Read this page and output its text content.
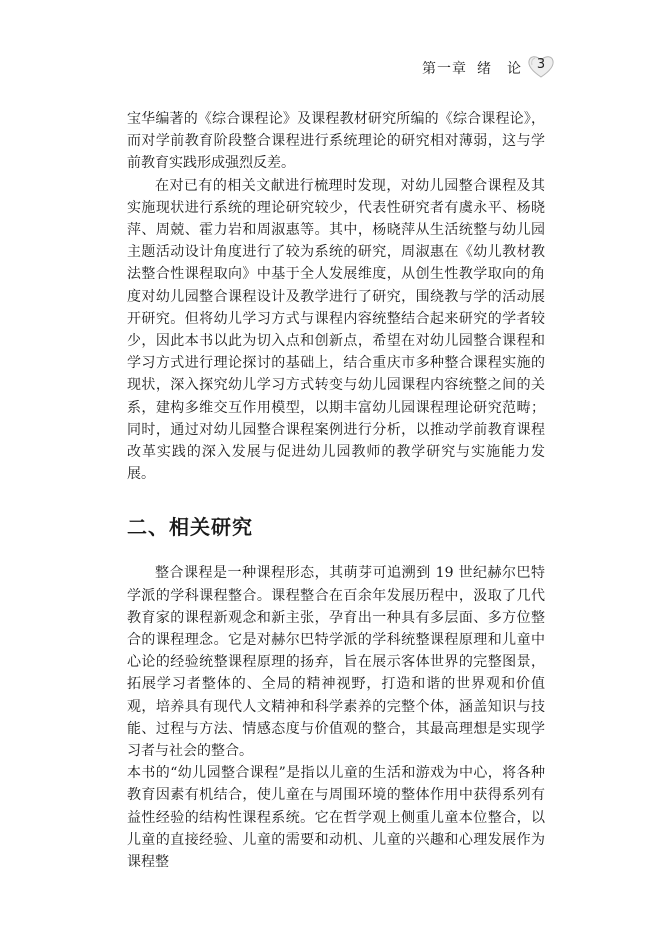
第一章 绪　论	3

宝华编著的《综合课程论》及课程教材研究所编的《综合课程论》，而对学前教育阶段整合课程进行系统理论的研究相对薄弱，这与学前教育实践形成强烈反差。

在对已有的相关文献进行梳理时发现，对幼儿园整合课程及其实施现状进行系统的理论研究较少，代表性研究者有虞永平、杨晓萍、周兢、霍力岩和周淑惠等。其中，杨晓萍从生活统整与幼儿园主题活动设计角度进行了较为系统的研究，周淑惠在《幼儿教材教法整合性课程取向》中基于全人发展维度，从创生性教学取向的角度对幼儿园整合课程设计及教学进行了研究，围绕教与学的活动展开研究。但将幼儿学习方式与课程内容统整结合起来研究的学者较少，因此本书以此为切入点和创新点，希望在对幼儿园整合课程和学习方式进行理论探讨的基础上，结合重庆市多种整合课程实施的现状，深入探究幼儿学习方式转变与幼儿园课程内容统整之间的关系，建构多维交互作用模型，以期丰富幼儿园课程理论研究范畴；同时，通过对幼儿园整合课程案例进行分析，以推动学前教育课程改革实践的深入发展与促进幼儿园教师的教学研究与实施能力发展。

二、相关研究

整合课程是一种课程形态，其萌芽可追溯到 19 世纪赫尔巴特学派的学科课程整合。课程整合在百余年发展历程中，汲取了几代教育家的课程新观念和新主张，孕育出一种具有多层面、多方位整合的课程理念。它是对赫尔巴特学派的学科统整课程原理和儿童中心论的经验统整课程原理的扬弃，旨在展示客体世界的完整图景，拓展学习者整体的、全局的精神视野，打造和谐的世界观和价值观，培养具有现代人文精神和科学素养的完整个体，涵盖知识与技能、过程与方法、情感态度与价值观的整合，其最高理想是实现学习者与社会的整合。

本书的“幼儿园整合课程”是指以儿童的生活和游戏为中心，将各种教育因素有机结合，使儿童在与周围环境的整体作用中获得系列有益性经验的结构性课程系统。它在哲学观上侧重儿童本位整合，以儿童的直接经验、儿童的需要和动机、儿童的兴趣和心理发展作为课程整
